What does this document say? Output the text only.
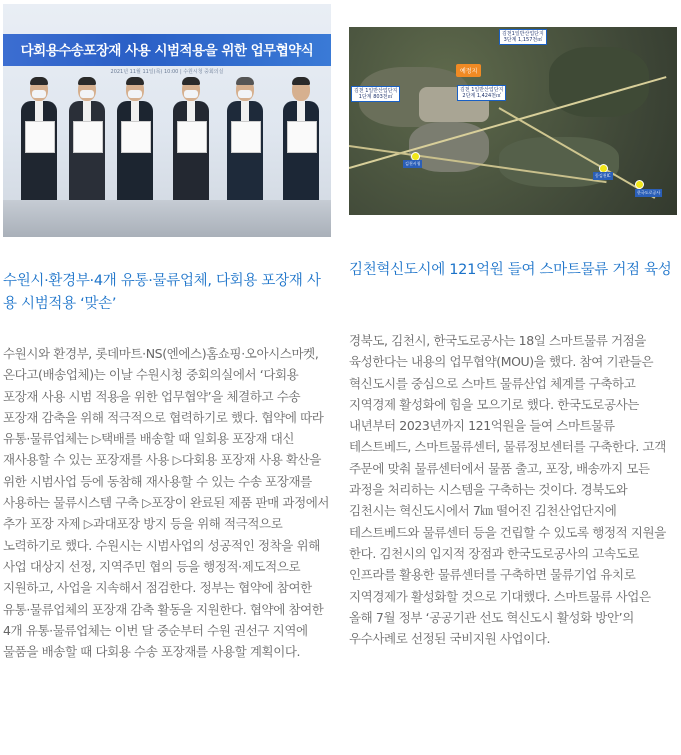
다회용수송포장재 사용 시범적용을 위한 업무협약식
2021년 11월 11일(목) 10:00 | 수원시청 중회의실
수원시·환경부·4개 유통·물류업체, 다회용 포장재 사용 시범적용 ‘맞손’

수원시와 환경부, 롯데마트·NS(엔에스)홈쇼핑·오아시스마켓, 온다고(배송업체)는 이날 수원시청 중회의실에서 ‘다회용 포장재 사용 시범 적용을 위한 업무협약’을 체결하고 수송 포장재 감축을 위해 적극적으로 협력하기로 했다. 협약에 따라 유통·물류업체는 ▷택배를 배송할 때 일회용 포장재 대신 재사용할 수 있는 포장재를 사용 ▷다회용 포장재 사용 확산을 위한 시범사업 등에 동참해 재사용할 수 있는 수송 포장재를 사용하는 물류시스템 구축 ▷포장이 완료된 제품 판매 과정에서 추가 포장 자제 ▷과대포장 방지 등을 위해 적극적으로 노력하기로 했다. 수원시는 시범사업의 성공적인 정착을 위해 사업 대상지 선정, 지역주민 협의 등을 행정적·제도적으로 지원하고, 사업을 지속해서 점검한다. 정부는 협약에 참여한 유통·물류업체의 포장재 감축 활동을 지원한다. 협약에 참여한 4개 유통·물류업체는 이번 달 중순부터 수원 권선구 지역에 물품을 배송할 때 다회용 수송 포장재를 사용할 계획이다.

김천1일반산업단지
3단계 1,157천㎡
김천 1일반산업단지
1단계 803천㎡
김천 1일반산업단지
2단계 1,424천㎡
예정지
김천시청
동김천IC
한국도로공사
김천혁신도시에 121억원 들여 스마트물류 거점 육성

경북도, 김천시, 한국도로공사는 18일 스마트물류 거점을 육성한다는 내용의 업무협약(MOU)을 했다. 참여 기관들은 혁신도시를 중심으로 스마트 물류산업 체계를 구축하고 지역경제 활성화에 힘을 모으기로 했다. 한국도로공사는 내년부터 2023년까지 121억원을 들여 스마트물류 테스트베드, 스마트물류센터, 물류정보센터를 구축한다. 고객 주문에 맞춰 물류센터에서 물품 출고, 포장, 배송까지 모든 과정을 처리하는 시스템을 구축하는 것이다. 경북도와 김천시는 혁신도시에서 7㎞ 떨어진 김천산업단지에 테스트베드와 물류센터 등을 건립할 수 있도록 행정적 지원을 한다. 김천시의 입지적 장점과 한국도로공사의 고속도로 인프라를 활용한 물류센터를 구축하면 물류기업 유치로 지역경제가 활성화할 것으로 기대했다. 스마트물류 사업은 올해 7월 정부 ‘공공기관 선도 혁신도시 활성화 방안’의 우수사례로 선정된 국비지원 사업이다.
